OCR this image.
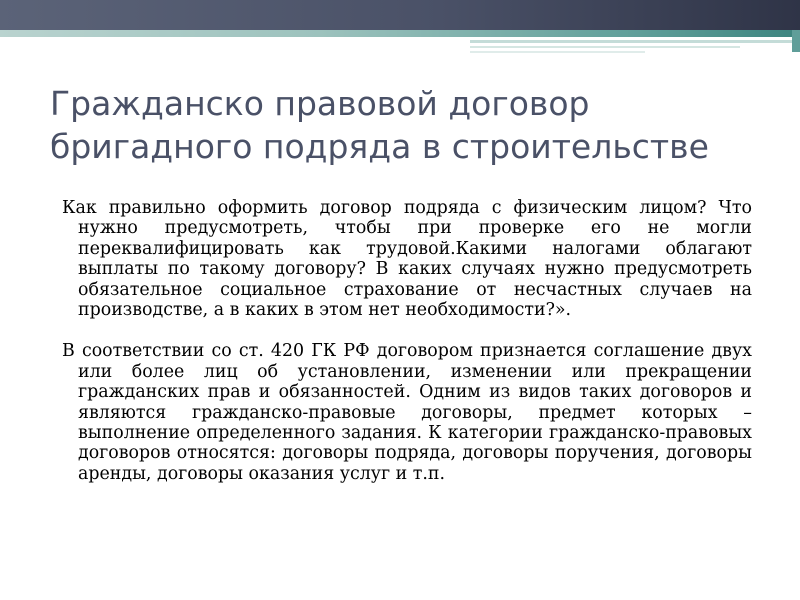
Гражданско правовой договор бригадного подряда в строительстве

Как правильно оформить договор подряда с физическим лицом? Что нужно предусмотреть, чтобы при проверке его не могли переквалифицировать как трудовой.Какими налогами облагают выплаты по такому договору? В каких случаях нужно предусмотреть обязательное социальное страхование от несчастных случаев на производстве, а в каких в этом нет необходимости?».

В соответствии со ст. 420 ГК РФ договором признается соглашение двух или более лиц об установлении, изменении или прекращении гражданских прав и обязанностей. Одним из видов таких договоров и являются гражданско-правовые договоры, предмет которых – выполнение определенного задания. К категории гражданско-правовых договоров относятся: договоры подряда, договоры поручения, договоры аренды, договоры оказания услуг и т.п.
